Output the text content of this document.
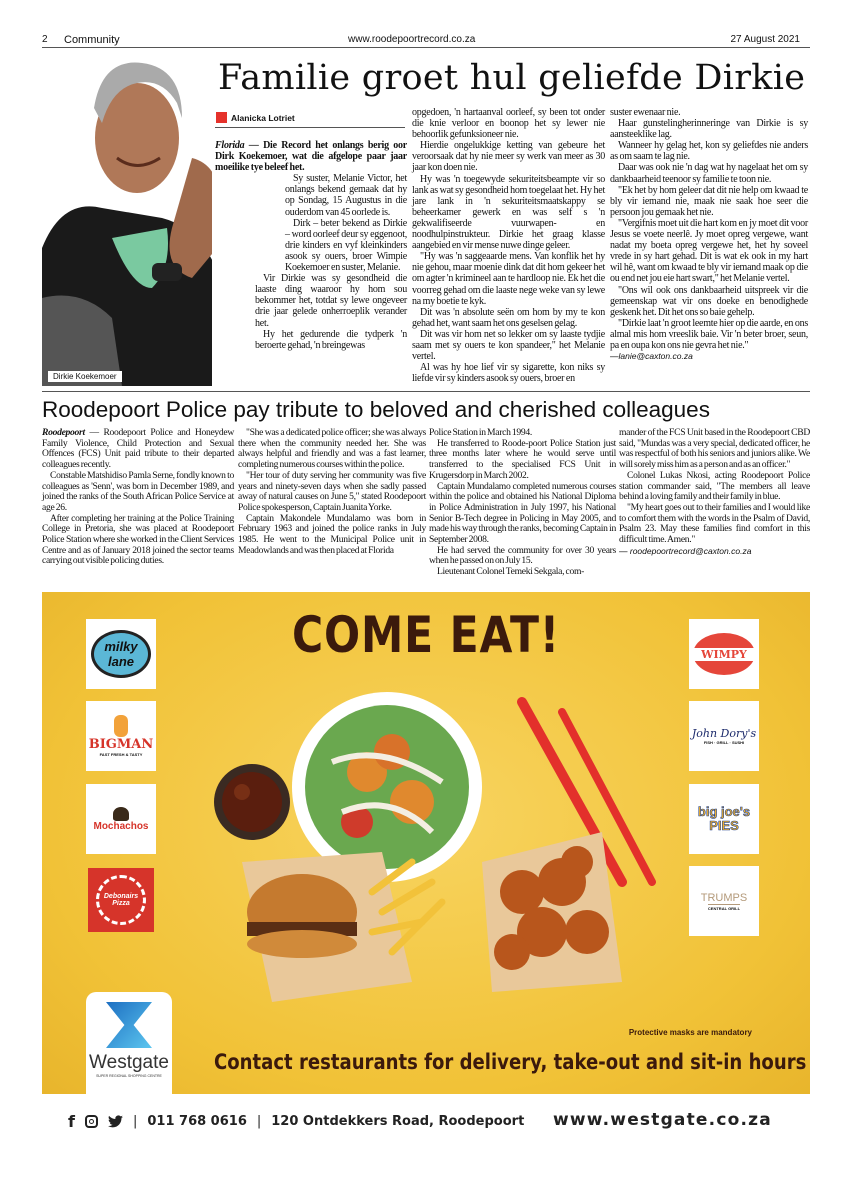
2 Community	www.roodepoortrecord.co.za	27 August 2021
Dirkie Koekemoer
Familie groet hul geliefde Dirkie
Alanicka Lotriet

Florida — Die Record het onlangs berig oor Dirk Koekemoer, wat die afgelope paar jaar moeilike tye beleef het.

Sy suster, Melanie Victor, het onlangs bekend gemaak dat hy op Sondag, 15 Augustus in die ouderdom van 45 oorlede is.

Dirk – beter bekend as Dirkie – word oorleef deur sy eggenoot, drie kinders en vyf kleinkinders asook sy ouers, broer Wimpie Koekemoer en suster, Melanie.

Vir Dirkie was sy gesondheid die laaste ding waaroor hy hom sou bekommer het, totdat sy lewe ongeveer drie jaar gelede onherroeplik verander het.

Hy het gedurende die tydperk 'n beroerte gehad, 'n breingewas

opgedoen, 'n hartaanval oorleef, sy been tot onder die knie verloor en boonop het sy lewer nie behoorlik gefunksioneer nie.

Hierdie ongelukkige ketting van gebeure het veroorsaak dat hy nie meer sy werk van meer as 30 jaar kon doen nie.

Hy was 'n toegewyde sekuriteitsbeampte vir so lank as wat sy gesondheid hom toegelaat het. Hy het jare lank in 'n sekuriteitsmaatskappy se beheerkamer gewerk en was self s 'n gekwalifiseerde vuurwapen- en noodhulpinstrukteur. Dirkie het graag klasse aangebied en vir mense nuwe dinge geleer.

"Hy was 'n saggeaarde mens. Van konflik het hy nie gehou, maar moenie dink dat dit hom gekeer het om agter 'n krimineel aan te hardloop nie. Ek het die voorreg gehad om die laaste nege weke van sy lewe na my boetie te kyk.

Dit was 'n absolute seën om hom by my te kon gehad het, want saam het ons geselsen gelag.

Dit was vir hom net so lekker om sy laaste tydjie saam met sy ouers te kon spandeer," het Melanie vertel.

Al was hy hoe lief vir sy sigarette, kon niks sy liefde vir sy kinders asook sy ouers, broer en

suster ewenaar nie.

Haar gunstelingherinneringe van Dirkie is sy aansteeklike lag.

Wanneer hy gelag het, kon sy geliefdes nie anders as om saam te lag nie.

Daar was ook nie 'n dag wat hy nagelaat het om sy dankbaarheid teenoor sy familie te toon nie.

"Ek het by hom geleer dat dit nie help om kwaad te bly vir iemand nie, maak nie saak hoe seer die persoon jou gemaak het nie.

"Vergifnis moet uit die hart kom en jy moet dit voor Jesus se voete neerlê. Jy moet opreg vergewe, want nadat my boeta opreg vergewe het, het hy soveel vrede in sy hart gehad. Dit is wat ek ook in my hart wil hê, want om kwaad te bly vir iemand maak op die ou end net jou eie hart swart," het Melanie vertel.

"Ons wil ook ons dankbaarheid uitspreek vir die gemeenskap wat vir ons doeke en benodighede geskenk het. Dit het ons so baie gehelp.

"Dirkie laat 'n groot leemte hier op die aarde, en ons almal mis hom vreeslik baie. Vir 'n beter broer, seun, pa en oupa kon ons nie gevra het nie."

—lanie@caxton.co.za
Roodepoort Police pay tribute to beloved and cherished colleagues

Roodepoort — Roodepoort Police and Honeydew Family Violence, Child Protection and Sexual Offences (FCS) Unit paid tribute to their departed colleagues recently.

Constable Matshidiso Pamla Serne, fondly known to colleagues as 'Senn', was born in December 1989, and joined the ranks of the South African Police Service at age 26.

After completing her training at the Police Training College in Pretoria, she was placed at Roodepoort Police Station where she worked in the Client Services Centre and as of January 2018 joined the sector teams carrying out visible policing duties.

"She was a dedicated police officer; she was always there when the community needed her. She was always helpful and friendly and was a fast learner, completing numerous courses within the police.

"Her tour of duty serving her community was five years and ninety-seven days when she sadly passed away of natural causes on June 5," stated Roodepoort Police spokesperson, Captain Juanita Yorke.

Captain Makondele Mundalamo was born in February 1963 and joined the police ranks in July 1985. He went to the Municipal Police unit in Meadowlands and was then placed at Florida

Police Station in March 1994.

He transferred to Roode-poort Police Station just three months later where he would serve until transferred to the specialised FCS Unit in Krugersdorp in March 2002.

Captain Mundalamo completed numerous courses within the police and obtained his National Diploma in Police Administration in July 1997, his National Senior B-Tech degree in Policing in May 2005, and made his way through the ranks, becoming Captain in September 2008.

He had served the community for over 30 years when he passed on on July 15.

Lieutenant Colonel Temeki Sekgala, com-

mander of the FCS Unit based in the Roodepoort CBD said, "Mundas was a very special, dedicated officer, he was respectful of both his seniors and juniors alike. We will sorely miss him as a person and as an officer."

Colonel Lukas Nkosi, acting Roodepoort Police station commander said, "The members all leave behind a loving family and their family in blue.

"My heart goes out to their families and I would like to comfort them with the words in the Psalm of David, Psalm 23. May these families find comfort in this difficult time. Amen."

— roodepoortrecord@caxton.co.za
COME EAT!
milky lane
BIGMAN
FAST FRESH & TASTY
Mochachos
Debonairs Pizza
WIMPY
John Dory's
FISH · GRILL · SUSHI
big joe's PIES
TRUMPS
CENTRAL GRILL
Westgate
SUPER REGIONAL SHOPPING CENTRE
Protective masks are mandatory
Contact restaurants for delivery, take-out and sit-in hours
f	| 011 768 0616 | 120 Ontdekkers Road, Roodepoort www.westgate.co.za
